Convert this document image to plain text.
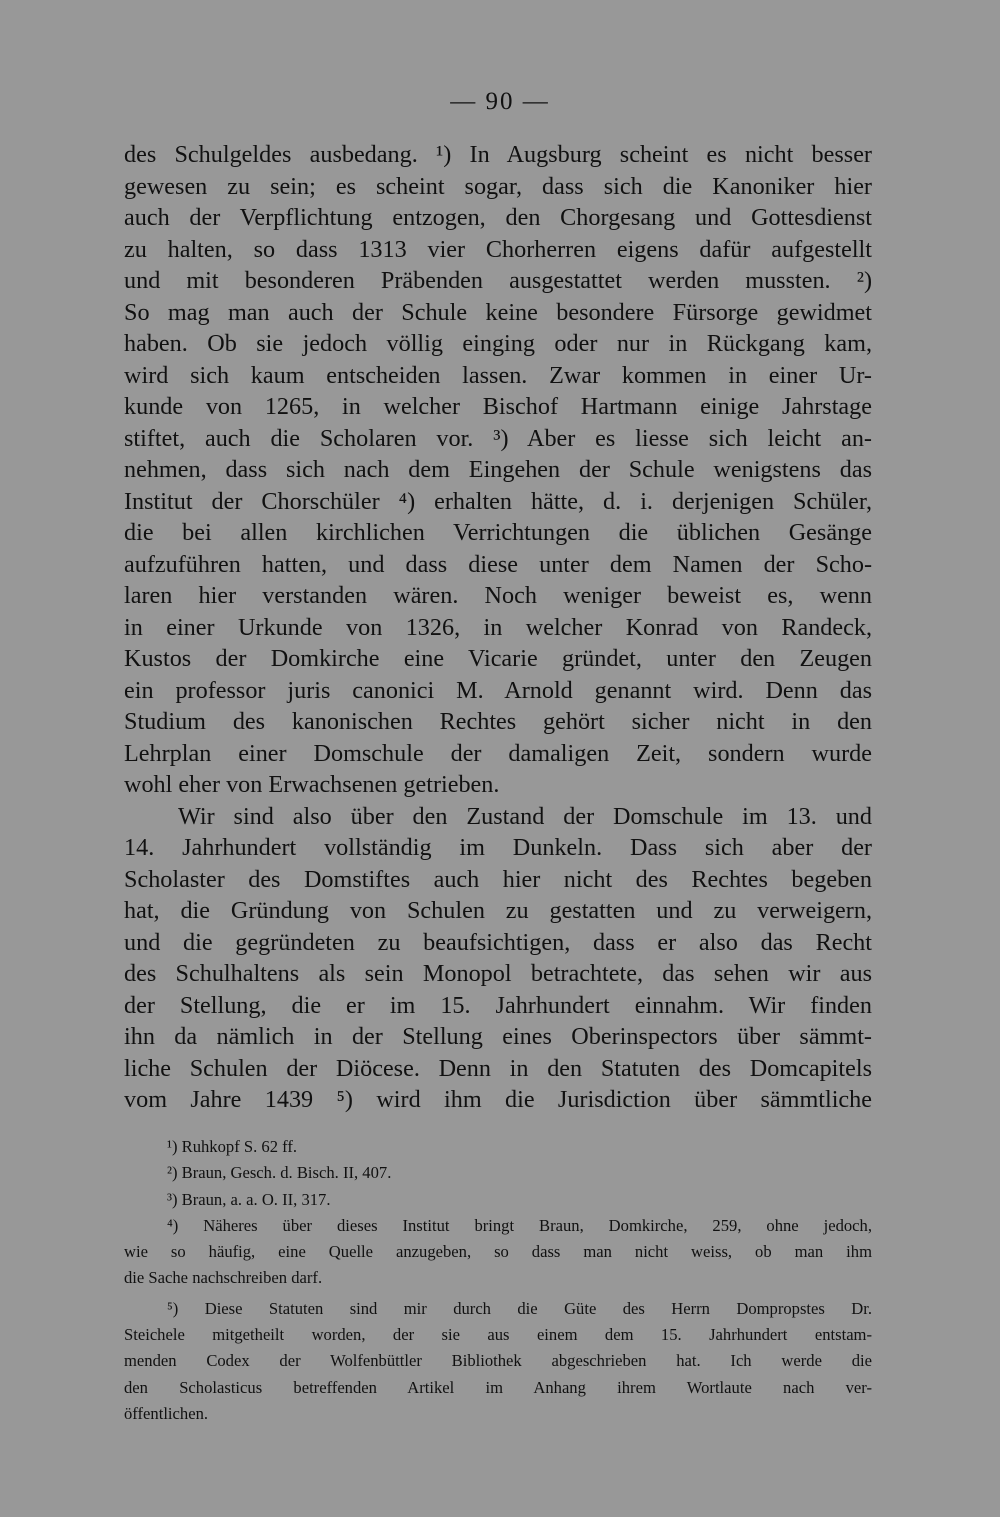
— 90 —
des Schulgeldes ausbedang. ¹) In Augsburg scheint es nicht besser
gewesen zu sein; es scheint sogar, dass sich die Kanoniker hier
auch der Verpflichtung entzogen, den Chorgesang und Gottesdienst
zu halten, so dass 1313 vier Chorherren eigens dafür aufgestellt
und mit besonderen Präbenden ausgestattet werden mussten. ²)
So mag man auch der Schule keine besondere Fürsorge gewidmet
haben. Ob sie jedoch völlig einging oder nur in Rückgang kam,
wird sich kaum entscheiden lassen. Zwar kommen in einer Ur-
kunde von 1265, in welcher Bischof Hartmann einige Jahrstage
stiftet, auch die Scholaren vor. ³) Aber es liesse sich leicht an-
nehmen, dass sich nach dem Eingehen der Schule wenigstens das
Institut der Chorschüler ⁴) erhalten hätte, d. i. derjenigen Schüler,
die bei allen kirchlichen Verrichtungen die üblichen Gesänge
aufzuführen hatten, und dass diese unter dem Namen der Scho-
laren hier verstanden wären. Noch weniger beweist es, wenn
in einer Urkunde von 1326, in welcher Konrad von Randeck,
Kustos der Domkirche eine Vicarie gründet, unter den Zeugen
ein professor juris canonici M. Arnold genannt wird. Denn das
Studium des kanonischen Rechtes gehört sicher nicht in den
Lehrplan einer Domschule der damaligen Zeit, sondern wurde
wohl eher von Erwachsenen getrieben.
Wir sind also über den Zustand der Domschule im 13. und
14. Jahrhundert vollständig im Dunkeln. Dass sich aber der
Scholaster des Domstiftes auch hier nicht des Rechtes begeben
hat, die Gründung von Schulen zu gestatten und zu verweigern,
und die gegründeten zu beaufsichtigen, dass er also das Recht
des Schulhaltens als sein Monopol betrachtete, das sehen wir aus
der Stellung, die er im 15. Jahrhundert einnahm. Wir finden
ihn da nämlich in der Stellung eines Oberinspectors über sämmt-
liche Schulen der Diöcese. Denn in den Statuten des Domcapitels
vom Jahre 1439 ⁵) wird ihm die Jurisdiction über sämmtliche
¹) Ruhkopf S. 62 ff.
²) Braun, Gesch. d. Bisch. II, 407.
³) Braun, a. a. O. II, 317.
⁴) Näheres über dieses Institut bringt Braun, Domkirche, 259, ohne jedoch,
wie so häufig, eine Quelle anzugeben, so dass man nicht weiss, ob man ihm
die Sache nachschreiben darf.
⁵) Diese Statuten sind mir durch die Güte des Herrn Dompropstes Dr.
Steichele mitgetheilt worden, der sie aus einem dem 15. Jahrhundert entstam-
menden Codex der Wolfenbüttler Bibliothek abgeschrieben hat. Ich werde die
den Scholasticus betreffenden Artikel im Anhang ihrem Wortlaute nach ver-
öffentlichen.
